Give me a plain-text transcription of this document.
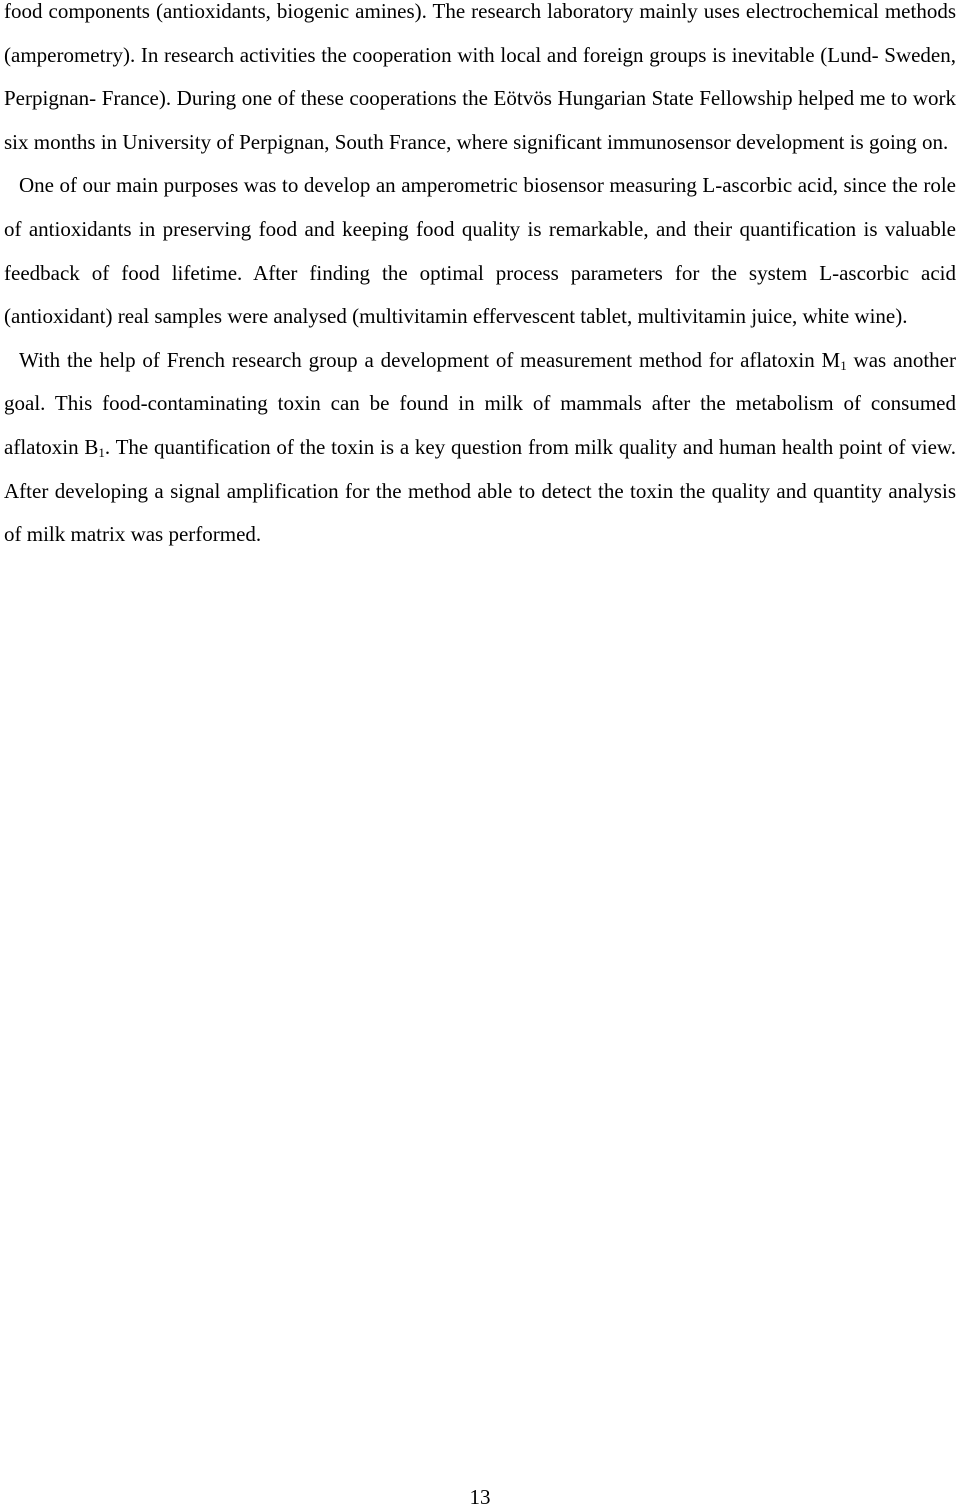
food components (antioxidants, biogenic amines). The research laboratory mainly uses electrochemical methods (amperometry). In research activities the cooperation with local and foreign groups is inevitable (Lund- Sweden, Perpignan- France). During one of these cooperations the Eötvös Hungarian State Fellowship helped me to work six months in University of Perpignan, South France, where significant immunosensor development is going on.

One of our main purposes was to develop an amperometric biosensor measuring L-ascorbic acid, since the role of antioxidants in preserving food and keeping food quality is remarkable, and their quantification is valuable feedback of food lifetime. After finding the optimal process parameters for the system L-ascorbic acid (antioxidant) real samples were analysed (multivitamin effervescent tablet, multivitamin juice, white wine).

With the help of French research group a development of measurement method for aflatoxin $M_1$ was another goal. This food-contaminating toxin can be found in milk of mammals after the metabolism of consumed aflatoxin $B_1$. The quantification of the toxin is a key question from milk quality and human health point of view. After developing a signal amplification for the method able to detect the toxin the quality and quantity analysis of milk matrix was performed.

13
